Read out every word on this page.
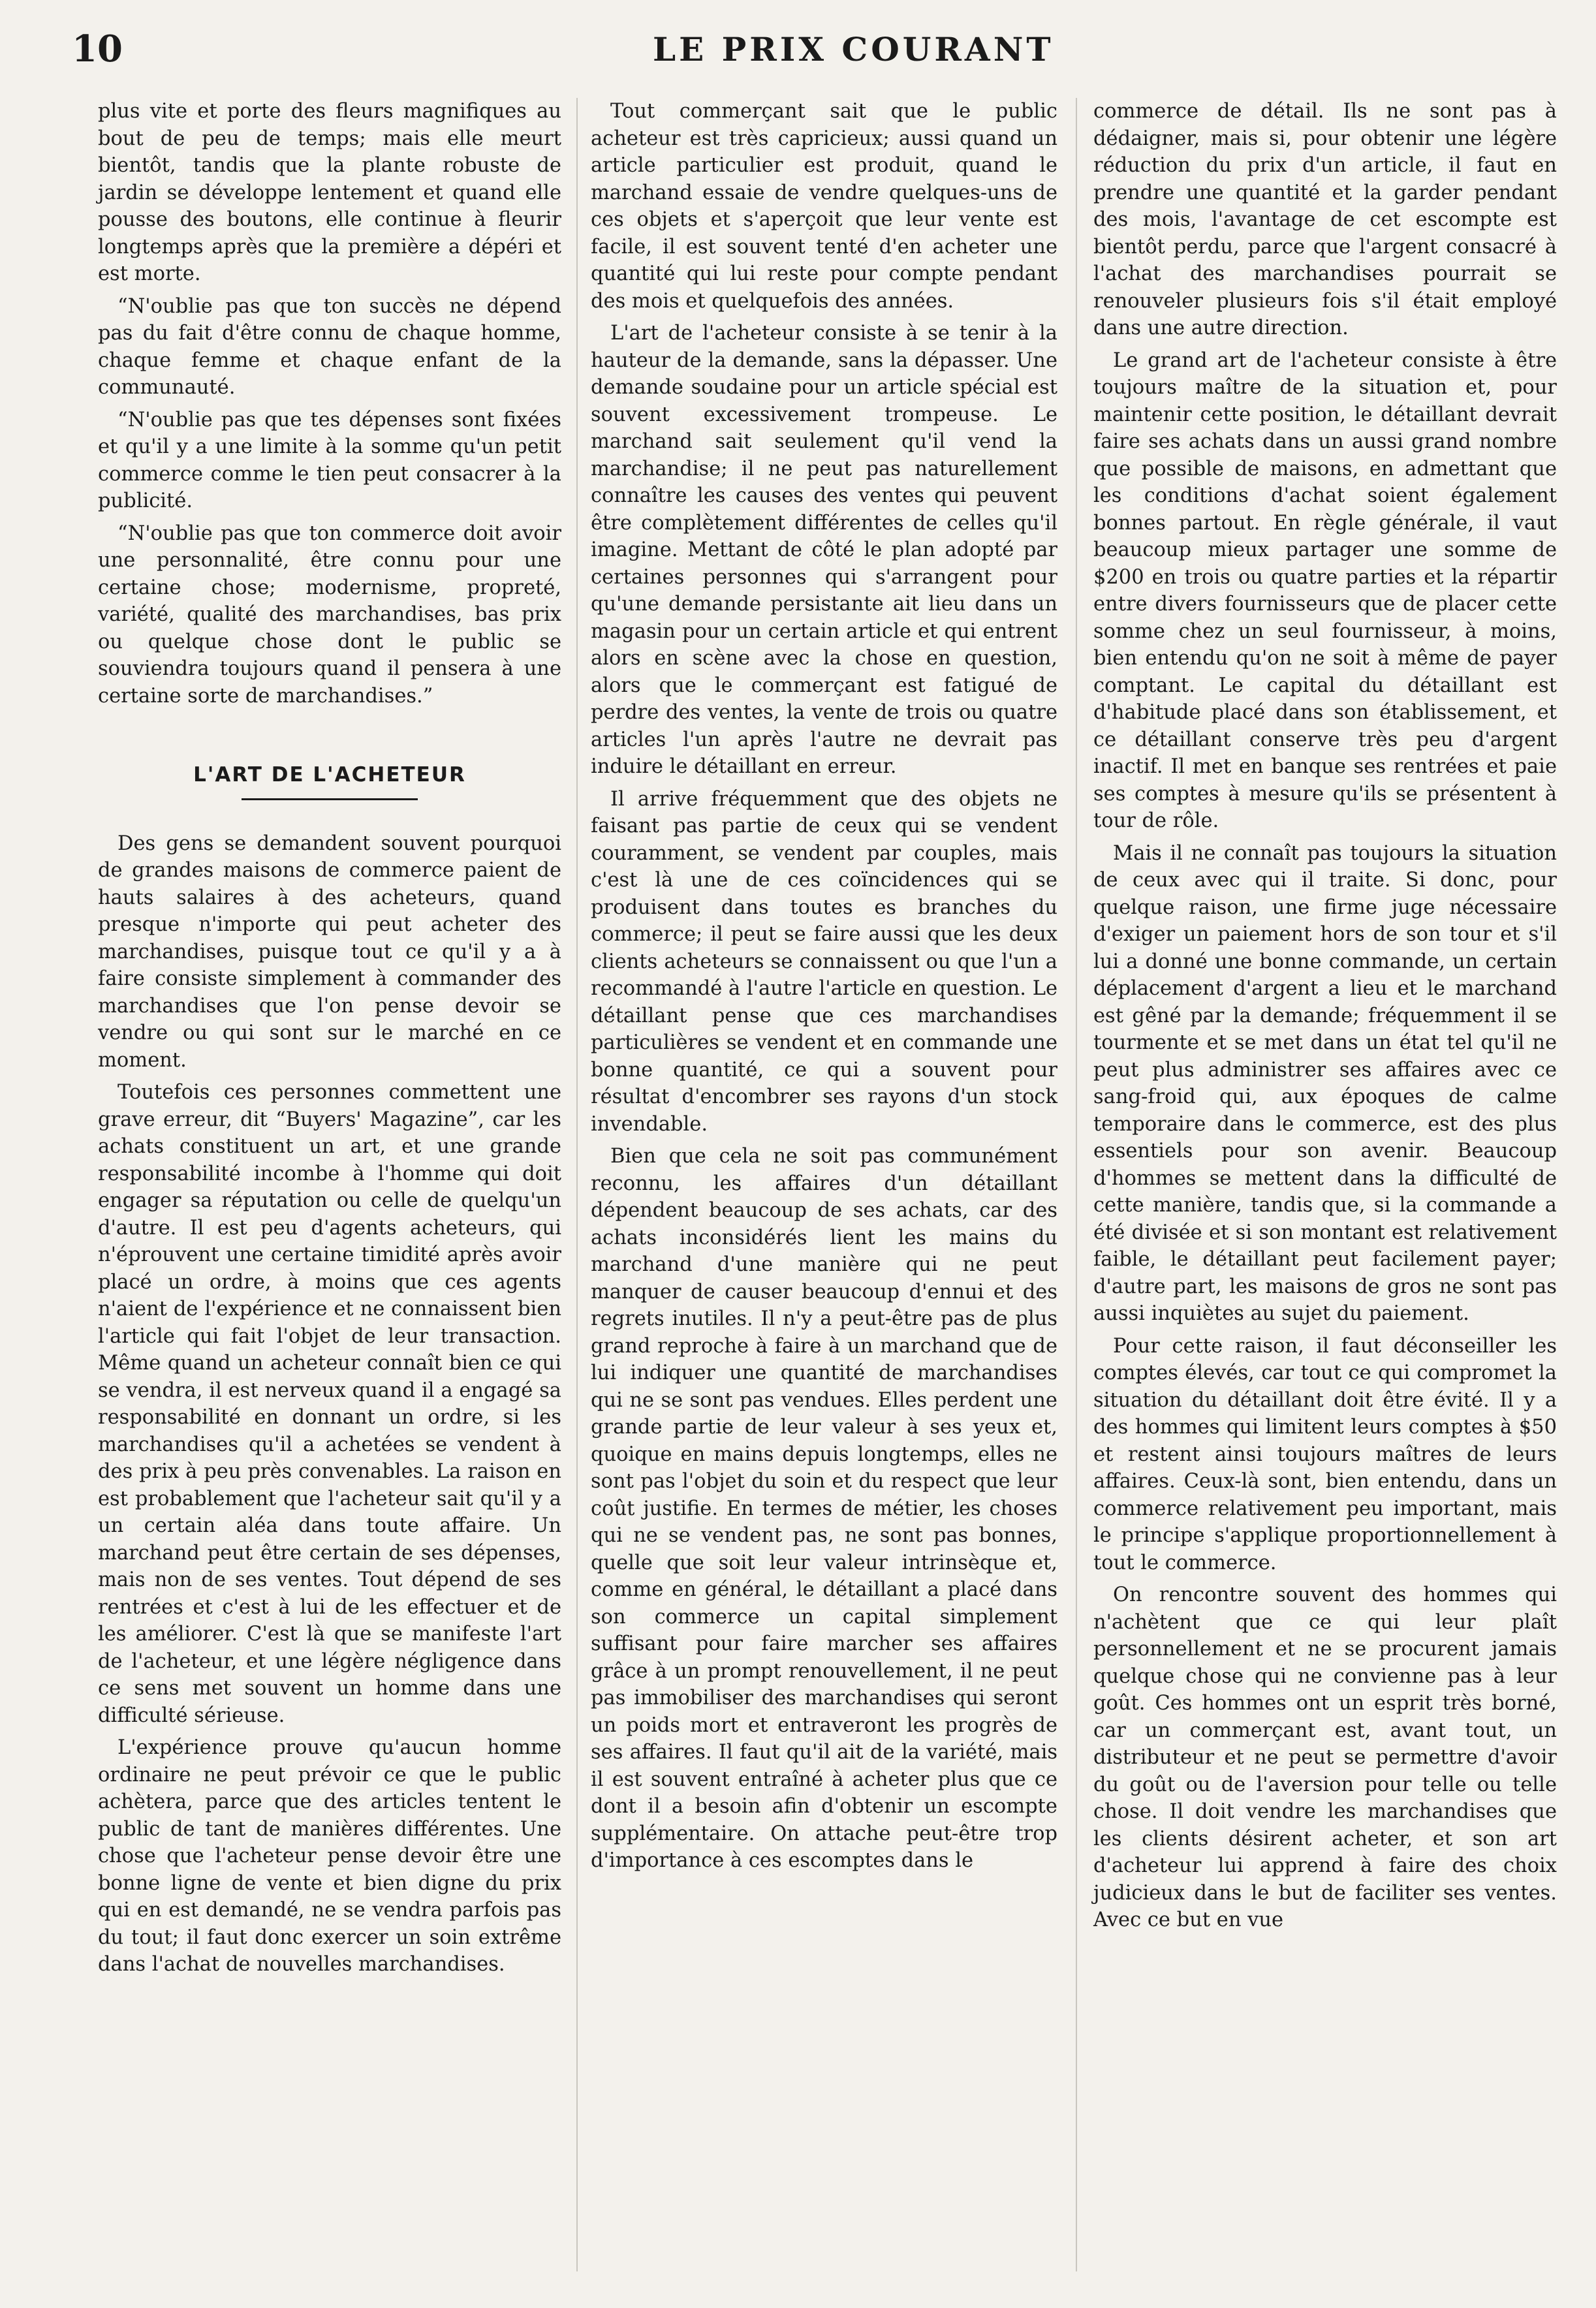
10	LE PRIX COURANT

plus vite et porte des fleurs magnifiques au bout de peu de temps; mais elle meurt bientôt, tandis que la plante robuste de jardin se développe lentement et quand elle pousse des boutons, elle continue à fleurir longtemps après que la première a dépéri et est morte.

“N'oublie pas que ton succès ne dépend pas du fait d'être connu de chaque homme, chaque femme et chaque enfant de la communauté.

“N'oublie pas que tes dépenses sont fixées et qu'il y a une limite à la somme qu'un petit commerce comme le tien peut consacrer à la publicité.

“N'oublie pas que ton commerce doit avoir une personnalité, être connu pour une certaine chose; modernisme, propreté, variété, qualité des marchandises, bas prix ou quelque chose dont le public se souviendra toujours quand il pensera à une certaine sorte de marchandises.”

L'ART DE L'ACHETEUR

Des gens se demandent souvent pourquoi de grandes maisons de commerce paient de hauts salaires à des acheteurs, quand presque n'importe qui peut acheter des marchandises, puisque tout ce qu'il y a à faire consiste simplement à commander des marchandises que l'on pense devoir se vendre ou qui sont sur le marché en ce moment.

Toutefois ces personnes commettent une grave erreur, dit “Buyers' Magazine”, car les achats constituent un art, et une grande responsabilité incombe à l'homme qui doit engager sa réputation ou celle de quelqu'un d'autre. Il est peu d'agents acheteurs, qui n'éprouvent une certaine timidité après avoir placé un ordre, à moins que ces agents n'aient de l'expérience et ne connaissent bien l'article qui fait l'objet de leur transaction. Même quand un acheteur connaît bien ce qui se vendra, il est nerveux quand il a engagé sa responsabilité en donnant un ordre, si les marchandises qu'il a achetées se vendent à des prix à peu près convenables. La raison en est probablement que l'acheteur sait qu'il y a un certain aléa dans toute affaire. Un marchand peut être certain de ses dépenses, mais non de ses ventes. Tout dépend de ses rentrées et c'est à lui de les effectuer et de les améliorer. C'est là que se manifeste l'art de l'acheteur, et une légère négligence dans ce sens met souvent un homme dans une difficulté sérieuse.

L'expérience prouve qu'aucun homme ordinaire ne peut prévoir ce que le public achètera, parce que des articles tentent le public de tant de manières différentes. Une chose que l'acheteur pense devoir être une bonne ligne de vente et bien digne du prix qui en est demandé, ne se vendra parfois pas du tout; il faut donc exercer un soin extrême dans l'achat de nouvelles marchandises.

Tout commerçant sait que le public acheteur est très capricieux; aussi quand un article particulier est produit, quand le marchand essaie de vendre quelques-uns de ces objets et s'aperçoit que leur vente est facile, il est souvent tenté d'en acheter une quantité qui lui reste pour compte pendant des mois et quelquefois des années.

L'art de l'acheteur consiste à se tenir à la hauteur de la demande, sans la dépasser. Une demande soudaine pour un article spécial est souvent excessivement trompeuse. Le marchand sait seulement qu'il vend la marchandise; il ne peut pas naturellement connaître les causes des ventes qui peuvent être complètement différentes de celles qu'il imagine. Mettant de côté le plan adopté par certaines personnes qui s'arrangent pour qu'une demande persistante ait lieu dans un magasin pour un certain article et qui entrent alors en scène avec la chose en question, alors que le commerçant est fatigué de perdre des ventes, la vente de trois ou quatre articles l'un après l'autre ne devrait pas induire le détaillant en erreur.

Il arrive fréquemment que des objets ne faisant pas partie de ceux qui se vendent couramment, se vendent par couples, mais c'est là une de ces coïncidences qui se produisent dans toutes es branches du commerce; il peut se faire aussi que les deux clients acheteurs se connaissent ou que l'un a recommandé à l'autre l'article en question. Le détaillant pense que ces marchandises particulières se vendent et en commande une bonne quantité, ce qui a souvent pour résultat d'encombrer ses rayons d'un stock invendable.

Bien que cela ne soit pas communément reconnu, les affaires d'un détaillant dépendent beaucoup de ses achats, car des achats inconsidérés lient les mains du marchand d'une manière qui ne peut manquer de causer beaucoup d'ennui et des regrets inutiles. Il n'y a peut-être pas de plus grand reproche à faire à un marchand que de lui indiquer une quantité de marchandises qui ne se sont pas vendues. Elles perdent une grande partie de leur valeur à ses yeux et, quoique en mains depuis longtemps, elles ne sont pas l'objet du soin et du respect que leur coût justifie. En termes de métier, les choses qui ne se vendent pas, ne sont pas bonnes, quelle que soit leur valeur intrinsèque et, comme en général, le détaillant a placé dans son commerce un capital simplement suffisant pour faire marcher ses affaires grâce à un prompt renouvellement, il ne peut pas immobiliser des marchandises qui seront un poids mort et entraveront les progrès de ses affaires. Il faut qu'il ait de la variété, mais il est souvent entraîné à acheter plus que ce dont il a besoin afin d'obtenir un escompte supplémentaire. On attache peut-être trop d'importance à ces escomptes dans le

commerce de détail. Ils ne sont pas à dédaigner, mais si, pour obtenir une légère réduction du prix d'un article, il faut en prendre une quantité et la garder pendant des mois, l'avantage de cet escompte est bientôt perdu, parce que l'argent consacré à l'achat des marchandises pourrait se renouveler plusieurs fois s'il était employé dans une autre direction.

Le grand art de l'acheteur consiste à être toujours maître de la situation et, pour maintenir cette position, le détaillant devrait faire ses achats dans un aussi grand nombre que possible de maisons, en admettant que les conditions d'achat soient également bonnes partout. En règle générale, il vaut beaucoup mieux partager une somme de $200 en trois ou quatre parties et la répartir entre divers fournisseurs que de placer cette somme chez un seul fournisseur, à moins, bien entendu qu'on ne soit à même de payer comptant. Le capital du détaillant est d'habitude placé dans son établissement, et ce détaillant conserve très peu d'argent inactif. Il met en banque ses rentrées et paie ses comptes à mesure qu'ils se présentent à tour de rôle.

Mais il ne connaît pas toujours la situation de ceux avec qui il traite. Si donc, pour quelque raison, une firme juge nécessaire d'exiger un paiement hors de son tour et s'il lui a donné une bonne commande, un certain déplacement d'argent a lieu et le marchand est gêné par la demande; fréquemment il se tourmente et se met dans un état tel qu'il ne peut plus administrer ses affaires avec ce sang-froid qui, aux époques de calme temporaire dans le commerce, est des plus essentiels pour son avenir. Beaucoup d'hommes se mettent dans la difficulté de cette manière, tandis que, si la commande a été divisée et si son montant est relativement faible, le détaillant peut facilement payer; d'autre part, les maisons de gros ne sont pas aussi inquiètes au sujet du paiement.

Pour cette raison, il faut déconseiller les comptes élevés, car tout ce qui compromet la situation du détaillant doit être évité. Il y a des hommes qui limitent leurs comptes à $50 et restent ainsi toujours maîtres de leurs affaires. Ceux-là sont, bien entendu, dans un commerce relativement peu important, mais le principe s'applique proportionnellement à tout le commerce.

On rencontre souvent des hommes qui n'achètent que ce qui leur plaît personnellement et ne se procurent jamais quelque chose qui ne convienne pas à leur goût. Ces hommes ont un esprit très borné, car un commerçant est, avant tout, un distributeur et ne peut se permettre d'avoir du goût ou de l'aversion pour telle ou telle chose. Il doit vendre les marchandises que les clients désirent acheter, et son art d'acheteur lui apprend à faire des choix judicieux dans le but de faciliter ses ventes. Avec ce but en vue
